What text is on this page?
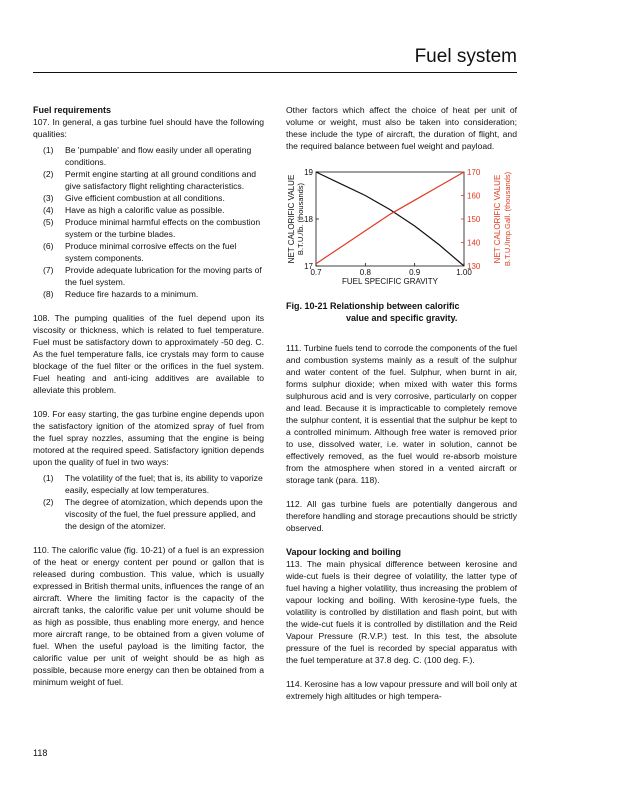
Fuel system
Fuel requirements

107. In general, a gas turbine fuel should have the following qualities:

(1) Be 'pumpable' and flow easily under all operating conditions.
(2) Permit engine starting at all ground conditions and give satisfactory flight relighting characteristics.
(3) Give efficient combustion at all conditions.
(4) Have as high a calorific value as possible.
(5) Produce minimal harmful effects on the combustion system or the turbine blades.
(6) Produce minimal corrosive effects on the fuel system components.
(7) Provide adequate lubrication for the moving parts of the fuel system.
(8) Reduce fire hazards to a minimum.

108. The pumping qualities of the fuel depend upon its viscosity or thickness, which is related to fuel temperature. Fuel must be satisfactory down to approximately -50 deg. C. As the fuel temperature falls, ice crystals may form to cause blockage of the fuel filter or the orifices in the fuel system. Fuel heating and anti-icing additives are available to alleviate this problem.

109. For easy starting, the gas turbine engine depends upon the satisfactory ignition of the atomized spray of fuel from the fuel spray nozzles, assuming that the engine is being motored at the required speed. Satisfactory ignition depends upon the quality of fuel in two ways:

(1) The volatility of the fuel; that is, its ability to vaporize easily, especially at low temperatures.
(2) The degree of atomization, which depends upon the viscosity of the fuel, the fuel pressure applied, and the design of the atomizer.

110. The calorific value (fig. 10-21) of a fuel is an expression of the heat or energy content per pound or gallon that is released during combustion. This value, which is usually expressed in British thermal units, influences the range of an aircraft. Where the limiting factor is the capacity of the aircraft tanks, the calorific value per unit volume should be as high as possible, thus enabling more energy, and hence more aircraft range, to be obtained from a given volume of fuel. When the useful payload is the limiting factor, the calorific value per unit of weight should be as high as possible, because more energy can then be obtained from a minimum weight of fuel.

Other factors which affect the choice of heat per unit of volume or weight, must also be taken into consideration; these include the type of aircraft, the duration of flight, and the required balance between fuel weight and payload.

0.7	0.8	0.9	1.00
19
18
17
170
160
150
140
130
FUEL SPECIFIC GRAVITY
NET CALORIFIC VALUE B.T.U./lb. (thousands)	NET CALORIFIC VALUE B.T.U./Imp.Gall. (thousands)
Fig. 10-21 Relationship between calorific
value and specific gravity.

111. Turbine fuels tend to corrode the components of the fuel and combustion systems mainly as a result of the sulphur and water content of the fuel. Sulphur, when burnt in air, forms sulphur dioxide; when mixed with water this forms sulphurous acid and is very corrosive, particularly on copper and lead. Because it is impracticable to completely remove the sulphur content, it is essential that the sulphur be kept to a controlled minimum. Although free water is removed prior to use, dissolved water, i.e. water in solution, cannot be effectively removed, as the fuel would re-absorb moisture from the atmosphere when stored in a vented aircraft or storage tank (para. 118).

112. All gas turbine fuels are potentially dangerous and therefore handling and storage precautions should be strictly observed.

Vapour locking and boiling

113. The main physical difference between kerosine and wide-cut fuels is their degree of volatility, the latter type of fuel having a higher volatility, thus increasing the problem of vapour locking and boiling. With kerosine-type fuels, the volatility is controlled by distillation and flash point, but with the wide-cut fuels it is controlled by distillation and the Reid Vapour Pressure (R.V.P.) test. In this test, the absolute pressure of the fuel is recorded by special apparatus with the fuel temperature at 37.8 deg. C. (100 deg. F.).

114. Kerosine has a low vapour pressure and will boil only at extremely high altitudes or high tempera-

118
